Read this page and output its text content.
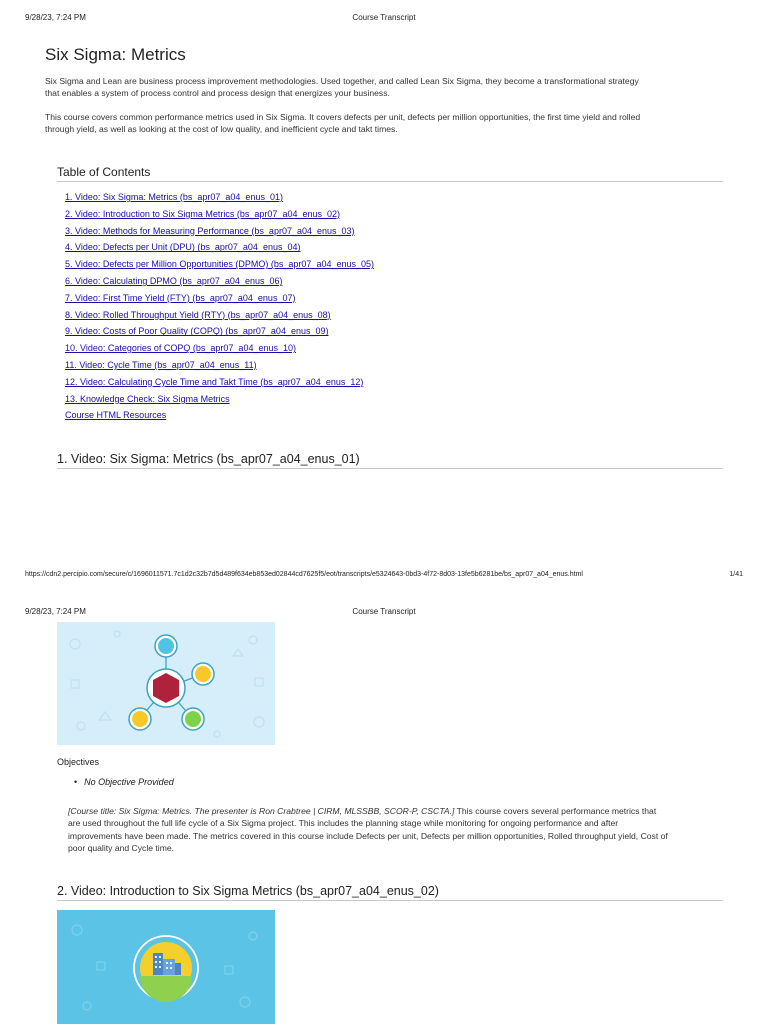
9/28/23, 7:24 PM	Course Transcript
Six Sigma: Metrics

Six Sigma and Lean are business process improvement methodologies. Used together, and called Lean Six Sigma, they become a transformational strategy that enables a system of process control and process design that energizes your business.

This course covers common performance metrics used in Six Sigma. It covers defects per unit, defects per million opportunities, the first time yield and rolled through yield, as well as looking at the cost of low quality, and inefficient cycle and takt times.

Table of Contents
1. Video: Six Sigma: Metrics (bs_apr07_a04_enus_01)
2. Video: Introduction to Six Sigma Metrics (bs_apr07_a04_enus_02)
3. Video: Methods for Measuring Performance (bs_apr07_a04_enus_03)
4. Video: Defects per Unit (DPU) (bs_apr07_a04_enus_04)
5. Video: Defects per Million Opportunities (DPMO) (bs_apr07_a04_enus_05)
6. Video: Calculating DPMO (bs_apr07_a04_enus_06)
7. Video: First Time Yield (FTY) (bs_apr07_a04_enus_07)
8. Video: Rolled Throughput Yield (RTY) (bs_apr07_a04_enus_08)
9. Video: Costs of Poor Quality (COPQ) (bs_apr07_a04_enus_09)
10. Video: Categories of COPQ (bs_apr07_a04_enus_10)
11. Video: Cycle Time (bs_apr07_a04_enus_11)
12. Video: Calculating Cycle Time and Takt Time (bs_apr07_a04_enus_12)
13. Knowledge Check: Six Sigma Metrics
Course HTML Resources
1. Video: Six Sigma: Metrics (bs_apr07_a04_enus_01)
https://cdn2.percipio.com/secure/c/1696011571.7c1d2c32b7d5d489f634eb853ed02844cd7625f5/eot/transcripts/e5324643-0bd3-4f72-8d03-13fe5b6281be/bs_apr07_a04_enus.html	1/41
9/28/23, 7:24 PM	Course Transcript
Objectives
• No Objective Provided

[Course title: Six Sigma: Metrics. The presenter is Ron Crabtree | CIRM, MLSSBB, SCOR-P, CSCTA.] This course covers several performance metrics that are used throughout the full life cycle of a Six Sigma project. This includes the planning stage while monitoring for ongoing performance and after improvements have been made. The metrics covered in this course include Defects per unit, Defects per million opportunities, Rolled throughput yield, Cost of poor quality and Cycle time.

2. Video: Introduction to Six Sigma Metrics (bs_apr07_a04_enus_02)
